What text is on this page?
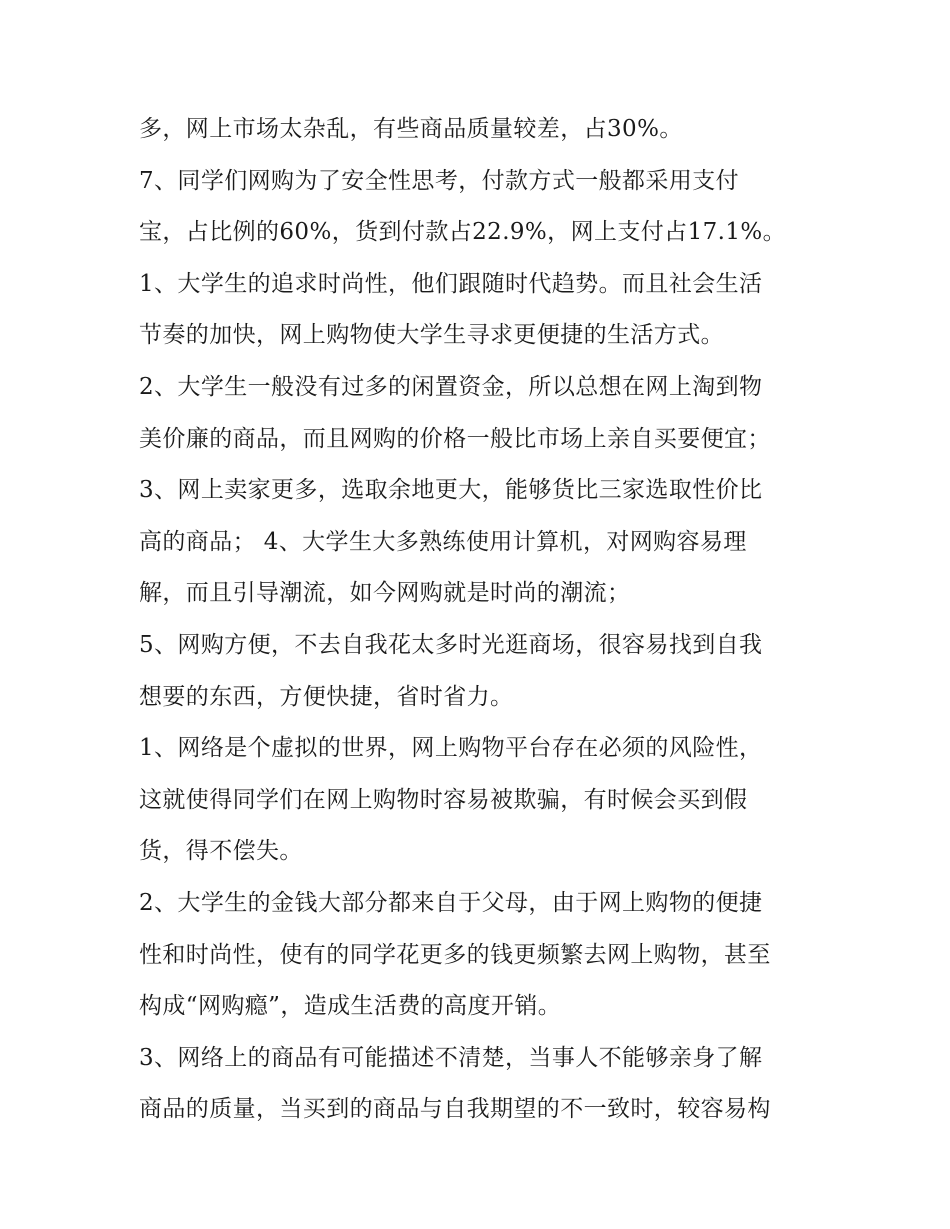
多，网上市场太杂乱，有些商品质量较差，占30%。
7、同学们网购为了安全性思考，付款方式一般都采用支付
宝，占比例的60%，货到付款占22.9%，网上支付占17.1%。
1、大学生的追求时尚性，他们跟随时代趋势。而且社会生活
节奏的加快，网上购物使大学生寻求更便捷的生活方式。
2、大学生一般没有过多的闲置资金，所以总想在网上淘到物
美价廉的商品，而且网购的价格一般比市场上亲自买要便宜；
3、网上卖家更多，选取余地更大，能够货比三家选取性价比
高的商品； 4、大学生大多熟练使用计算机，对网购容易理
解，而且引导潮流，如今网购就是时尚的潮流；
5、网购方便，不去自我花太多时光逛商场，很容易找到自我
想要的东西，方便快捷，省时省力。
1、网络是个虚拟的世界，网上购物平台存在必须的风险性，
这就使得同学们在网上购物时容易被欺骗，有时候会买到假
货，得不偿失。
2、大学生的金钱大部分都来自于父母，由于网上购物的便捷
性和时尚性，使有的同学花更多的钱更频繁去网上购物，甚至
构成“网购瘾”，造成生活费的高度开销。
3、网络上的商品有可能描述不清楚，当事人不能够亲身了解
商品的质量，当买到的商品与自我期望的不一致时，较容易构
